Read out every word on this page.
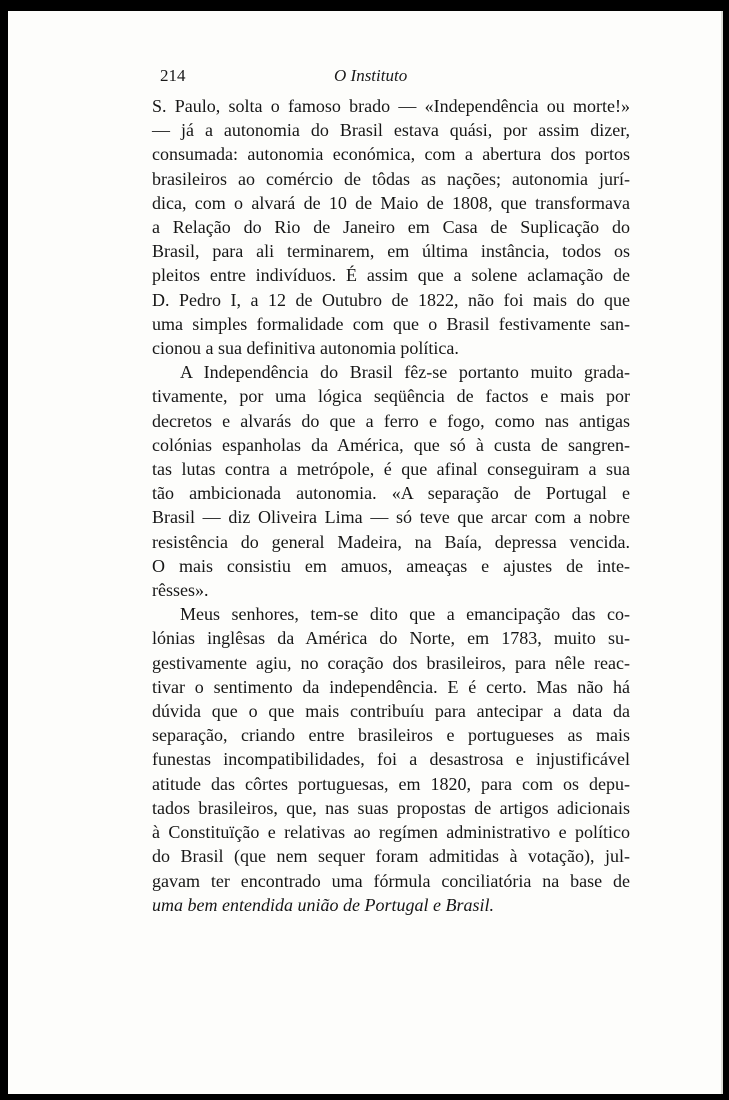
214	O Instituto

S. Paulo, solta o famoso brado — «Independência ou morte!»
— já a autonomia do Brasil estava quási, por assim dizer,
consumada: autonomia económica, com a abertura dos portos
brasileiros ao comércio de tôdas as nações; autonomia jurí-
dica, com o alvará de 10 de Maio de 1808, que transformava
a Relação do Rio de Janeiro em Casa de Suplicação do
Brasil, para ali terminarem, em última instância, todos os
pleitos entre indivíduos. É assim que a solene aclamação de
D. Pedro I, a 12 de Outubro de 1822, não foi mais do que
uma simples formalidade com que o Brasil festivamente san-
cionou a sua definitiva autonomia política.

A Independência do Brasil fêz-se portanto muito grada-
tivamente, por uma lógica seqüência de factos e mais por
decretos e alvarás do que a ferro e fogo, como nas antigas
colónias espanholas da América, que só à custa de sangren-
tas lutas contra a metrópole, é que afinal conseguiram a sua
tão ambicionada autonomia. «A separação de Portugal e
Brasil — diz Oliveira Lima — só teve que arcar com a nobre
resistência do general Madeira, na Baía, depressa vencida.
O mais consistiu em amuos, ameaças e ajustes de inte-
rêsses».

Meus senhores, tem-se dito que a emancipação das co-
lónias inglêsas da América do Norte, em 1783, muito su-
gestivamente agiu, no coração dos brasileiros, para nêle reac-
tivar o sentimento da independência. E é certo. Mas não há
dúvida que o que mais contribuíu para antecipar a data da
separação, criando entre brasileiros e portugueses as mais
funestas incompatibilidades, foi a desastrosa e injustificável
atitude das côrtes portuguesas, em 1820, para com os depu-
tados brasileiros, que, nas suas propostas de artigos adicionais
à Constituïção e relativas ao regímen administrativo e político
do Brasil (que nem sequer foram admitidas à votação), jul-
gavam ter encontrado uma fórmula conciliatória na base de
uma bem entendida união de Portugal e Brasil.
